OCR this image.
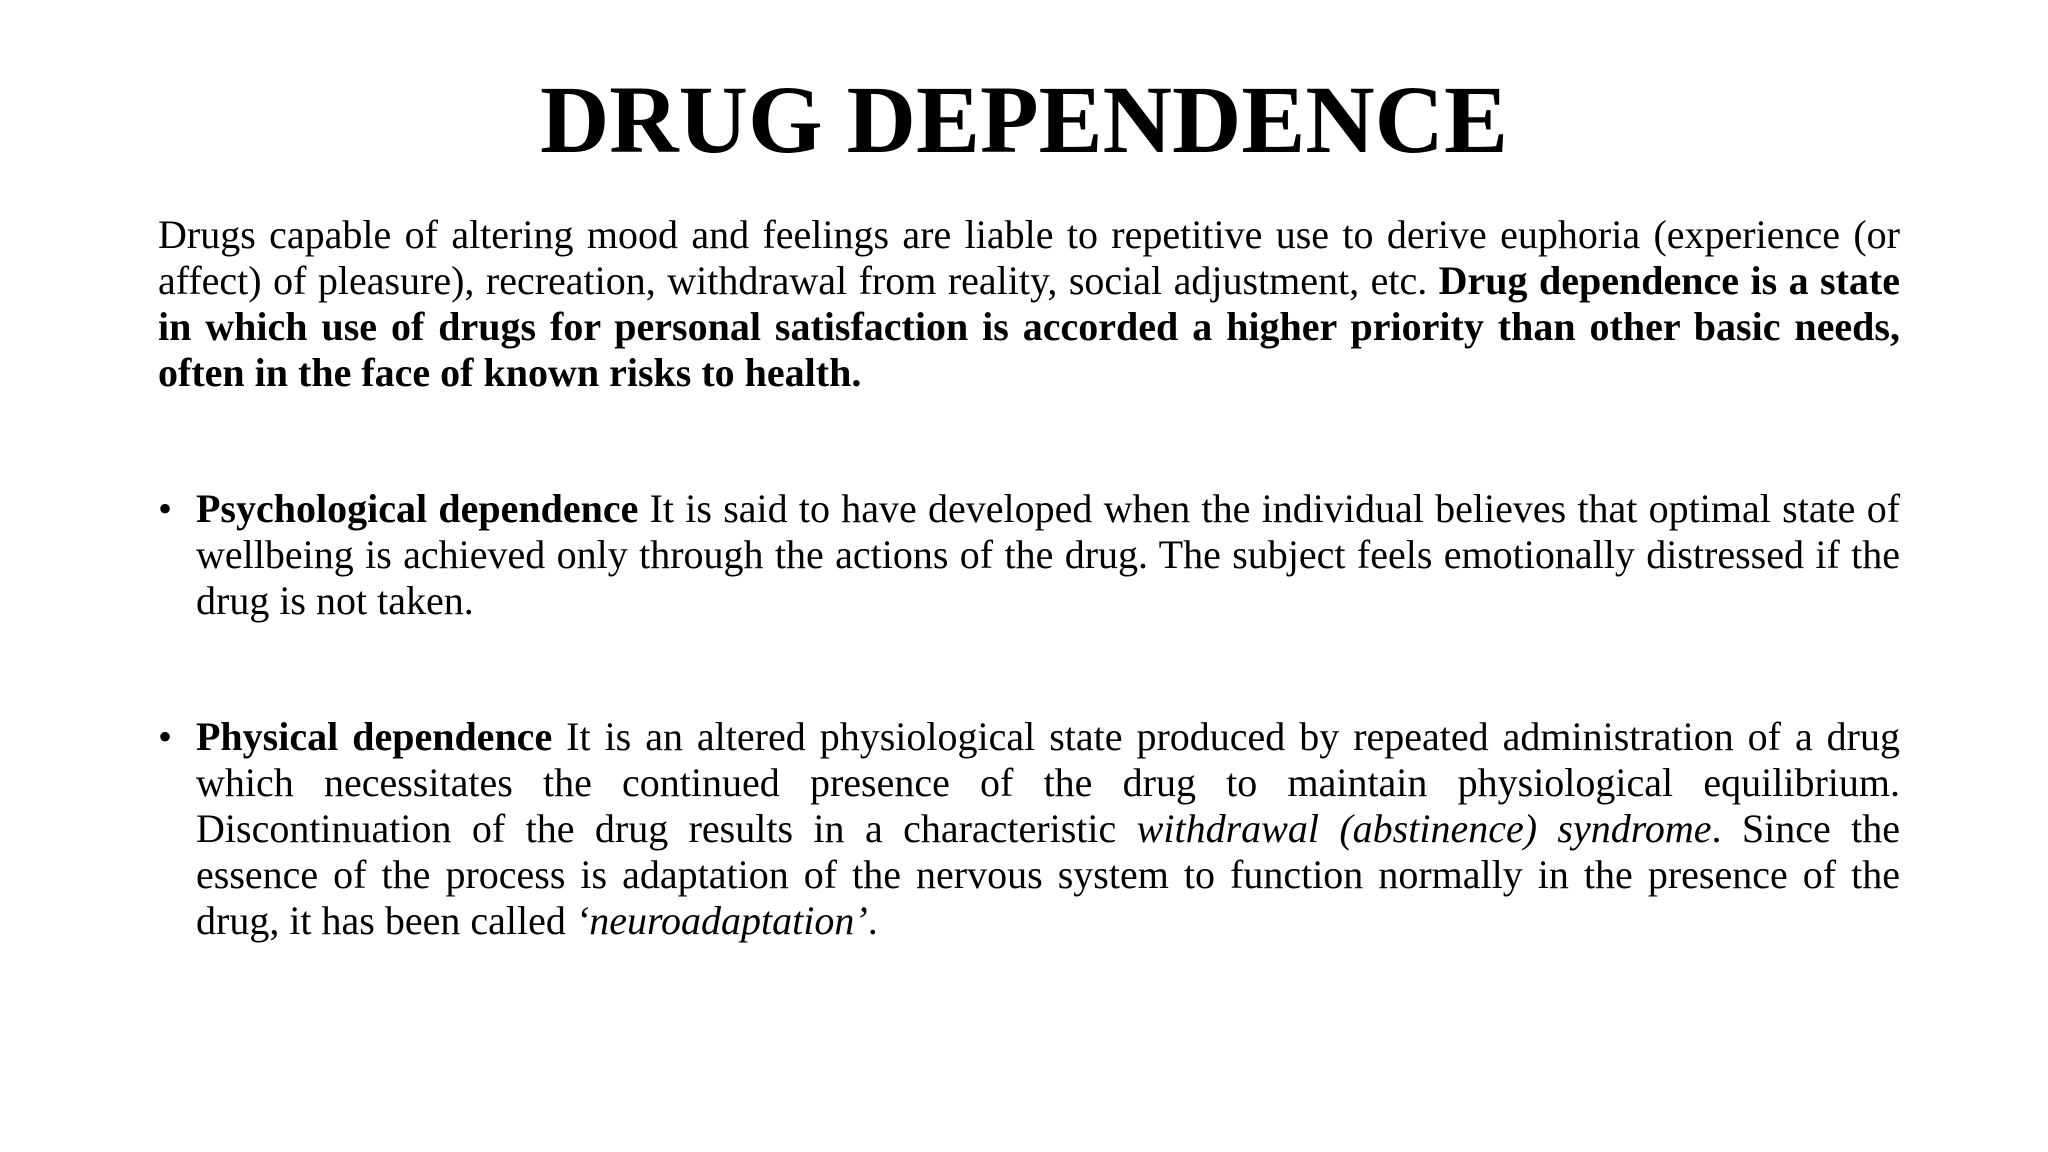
DRUG DEPENDENCE

Drugs capable of altering mood and feelings are liable to repetitive use to derive euphoria (experience (or affect) of pleasure), recreation, withdrawal from reality, social adjustment, etc. Drug dependence is a state in which use of drugs for personal satisfaction is accorded a higher priority than other basic needs, often in the face of known risks to health.

• Psychological dependence It is said to have developed when the individual believes that optimal state of wellbeing is achieved only through the actions of the drug. The subject feels emotionally distressed if the drug is not taken.
• Physical dependence It is an altered physiological state produced by repeated administration of a drug which necessitates the continued presence of the drug to maintain physiological equilibrium. Discontinuation of the drug results in a characteristic withdrawal (abstinence) syndrome. Since the essence of the process is adaptation of the nervous system to function normally in the presence of the drug, it has been called ‘neuroadaptation’.
